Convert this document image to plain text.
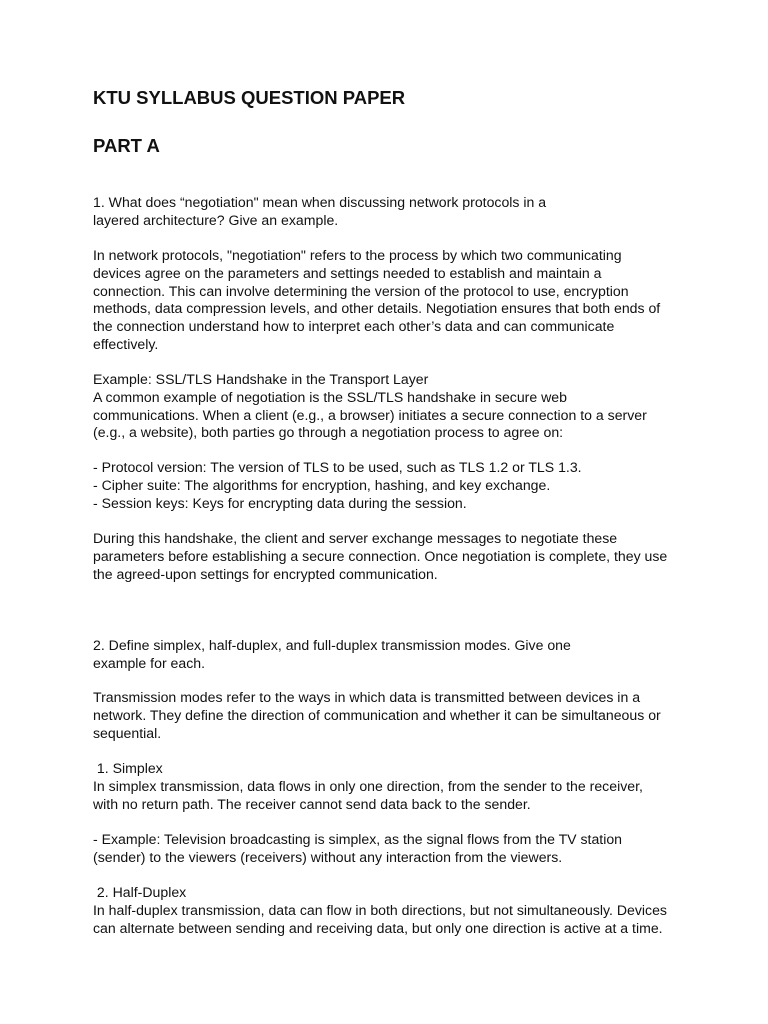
KTU SYLLABUS QUESTION PAPER
PART A
1. What does “negotiation" mean when discussing network protocols in a
layered architecture? Give an example.
In network protocols, "negotiation" refers to the process by which two communicating
devices agree on the parameters and settings needed to establish and maintain a
connection. This can involve determining the version of the protocol to use, encryption
methods, data compression levels, and other details. Negotiation ensures that both ends of
the connection understand how to interpret each other’s data and can communicate
effectively.
Example: SSL/TLS Handshake in the Transport Layer
A common example of negotiation is the SSL/TLS handshake in secure web
communications. When a client (e.g., a browser) initiates a secure connection to a server
(e.g., a website), both parties go through a negotiation process to agree on:
- Protocol version: The version of TLS to be used, such as TLS 1.2 or TLS 1.3.
- Cipher suite: The algorithms for encryption, hashing, and key exchange.
- Session keys: Keys for encrypting data during the session.
During this handshake, the client and server exchange messages to negotiate these
parameters before establishing a secure connection. Once negotiation is complete, they use
the agreed-upon settings for encrypted communication.
2. Define simplex, half-duplex, and full-duplex transmission modes. Give one
example for each.
Transmission modes refer to the ways in which data is transmitted between devices in a
network. They define the direction of communication and whether it can be simultaneous or
sequential.
1. Simplex
In simplex transmission, data flows in only one direction, from the sender to the receiver,
with no return path. The receiver cannot send data back to the sender.
- Example: Television broadcasting is simplex, as the signal flows from the TV station
(sender) to the viewers (receivers) without any interaction from the viewers.
2. Half-Duplex
In half-duplex transmission, data can flow in both directions, but not simultaneously. Devices
can alternate between sending and receiving data, but only one direction is active at a time.
